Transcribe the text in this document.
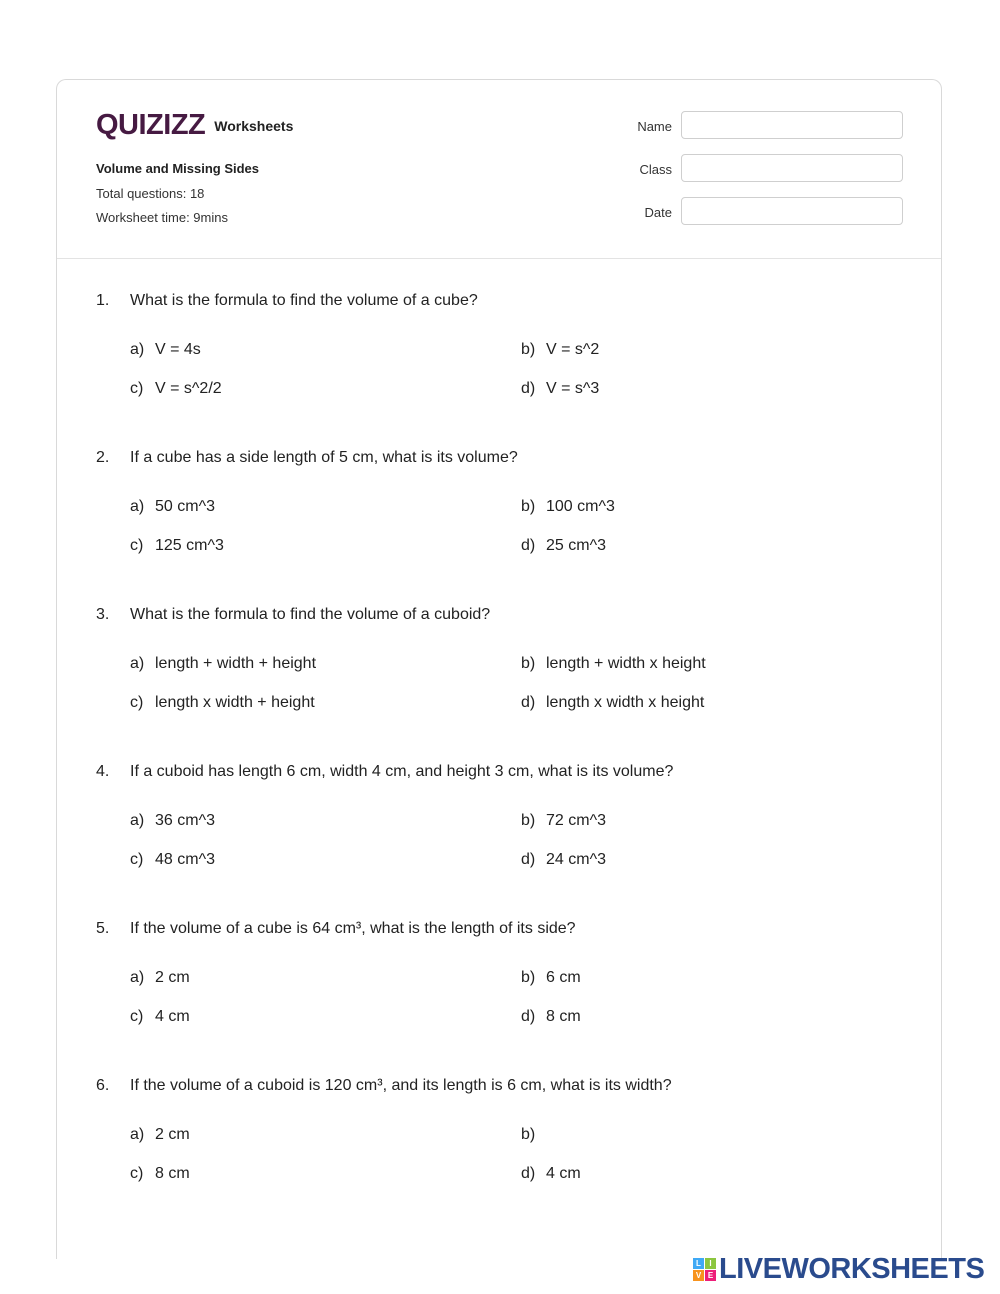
QUIZIZZ Worksheets
Volume and Missing Sides
Total questions: 18
Worksheet time: 9mins
Name
Class
Date
1. What is the formula to find the volume of a cube?
a) V = 4s	b) V = s^2
c) V = s^2/2	d) V = s^3
2. If a cube has a side length of 5 cm, what is its volume?
a) 50 cm^3	b) 100 cm^3
c) 125 cm^3	d) 25 cm^3
3. What is the formula to find the volume of a cuboid?
a) length + width + height	b) length + width x height
c) length x width + height	d) length x width x height
4. If a cuboid has length 6 cm, width 4 cm, and height 3 cm, what is its volume?
a) 36 cm^3	b) 72 cm^3
c) 48 cm^3	d) 24 cm^3
5. If the volume of a cube is 64 cm³, what is the length of its side?
a) 2 cm	b) 6 cm
c) 4 cm	d) 8 cm
6. If the volume of a cuboid is 120 cm³, and its length is 6 cm, what is its width?
a) 2 cm	b)
c) 8 cm	d) 4 cm
L	I
V E LIVEWORKSHEETS
